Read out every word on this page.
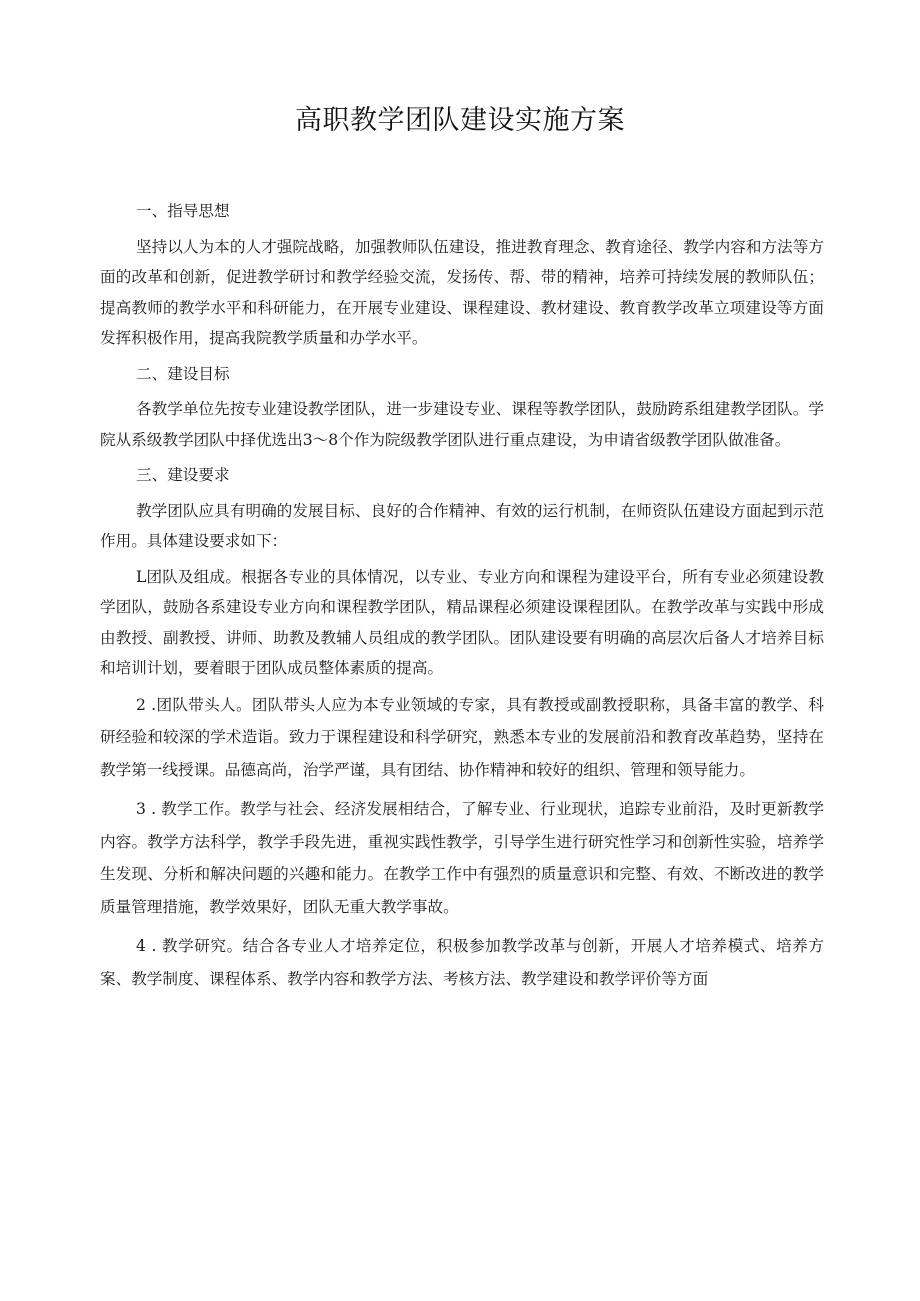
高职教学团队建设实施方案

一、指导思想

坚持以人为本的人才强院战略，加强教师队伍建设，推进教育理念、教育途径、教学内容和方法等方面的改革和创新，促进教学研讨和教学经验交流，发扬传、帮、带的精神，培养可持续发展的教师队伍；提高教师的教学水平和科研能力，在开展专业建设、课程建设、教材建设、教育教学改革立项建设等方面发挥积极作用，提高我院教学质量和办学水平。

二、建设目标

各教学单位先按专业建设教学团队，进一步建设专业、课程等教学团队，鼓励跨系组建教学团队。学院从系级教学团队中择优选出3～8个作为院级教学团队进行重点建设，为申请省级教学团队做准备。

三、建设要求

教学团队应具有明确的发展目标、良好的合作精神、有效的运行机制，在师资队伍建设方面起到示范作用。具体建设要求如下：

L团队及组成。根据各专业的具体情况，以专业、专业方向和课程为建设平台，所有专业必须建设教学团队，鼓励各系建设专业方向和课程教学团队，精品课程必须建设课程团队。在教学改革与实践中形成由教授、副教授、讲师、助教及教辅人员组成的教学团队。团队建设要有明确的高层次后备人才培养目标和培训计划，要着眼于团队成员整体素质的提高。

2 .团队带头人。团队带头人应为本专业领域的专家，具有教授或副教授职称，具备丰富的教学、科研经验和较深的学术造诣。致力于课程建设和科学研究，熟悉本专业的发展前沿和教育改革趋势，坚持在教学第一线授课。品德高尚，治学严谨，具有团结、协作精神和较好的组织、管理和领导能力。

3 . 教学工作。教学与社会、经济发展相结合，了解专业、行业现状，追踪专业前沿，及时更新教学内容。教学方法科学，教学手段先进，重视实践性教学，引导学生进行研究性学习和创新性实验，培养学生发现、分析和解决问题的兴趣和能力。在教学工作中有强烈的质量意识和完整、有效、不断改进的教学质量管理措施，教学效果好，团队无重大教学事故。

4 . 教学研究。结合各专业人才培养定位，积极参加教学改革与创新，开展人才培养模式、培养方案、教学制度、课程体系、教学内容和教学方法、考核方法、教学建设和教学评价等方面
